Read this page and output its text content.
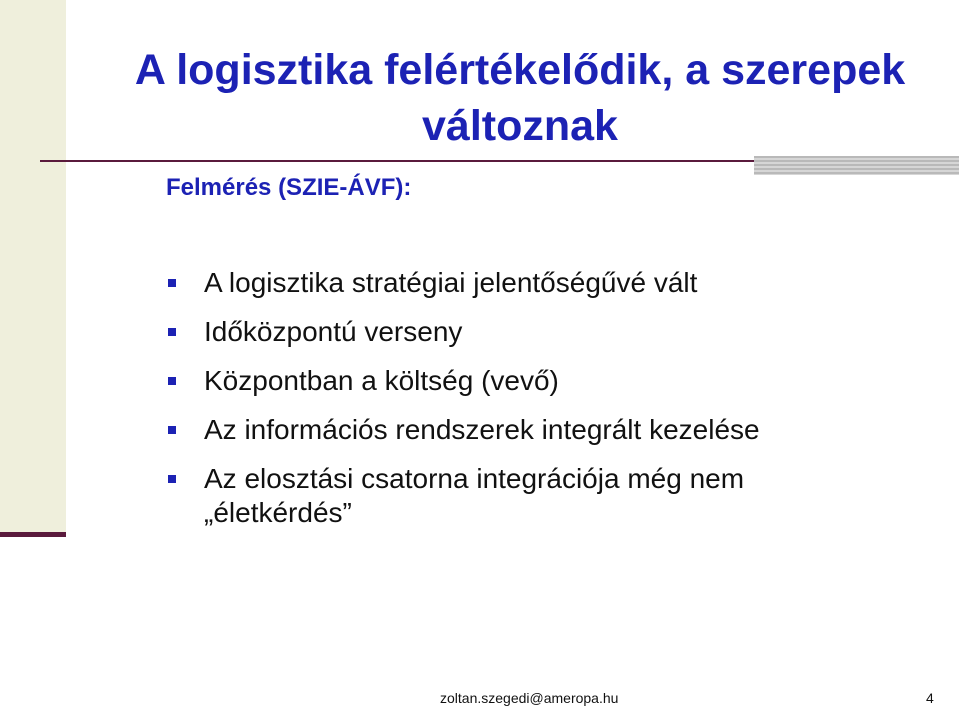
A logisztika felértékelődik, a szerepek változnak

Felmérés (SZIE-ÁVF):

A logisztika stratégiai jelentőségűvé vált
Időközpontú verseny
Központban a költség (vevő)
Az információs rendszerek integrált kezelése
Az elosztási csatorna integrációja még nem „életkérdés”
zoltan.szegedi@ameropa.hu	4
